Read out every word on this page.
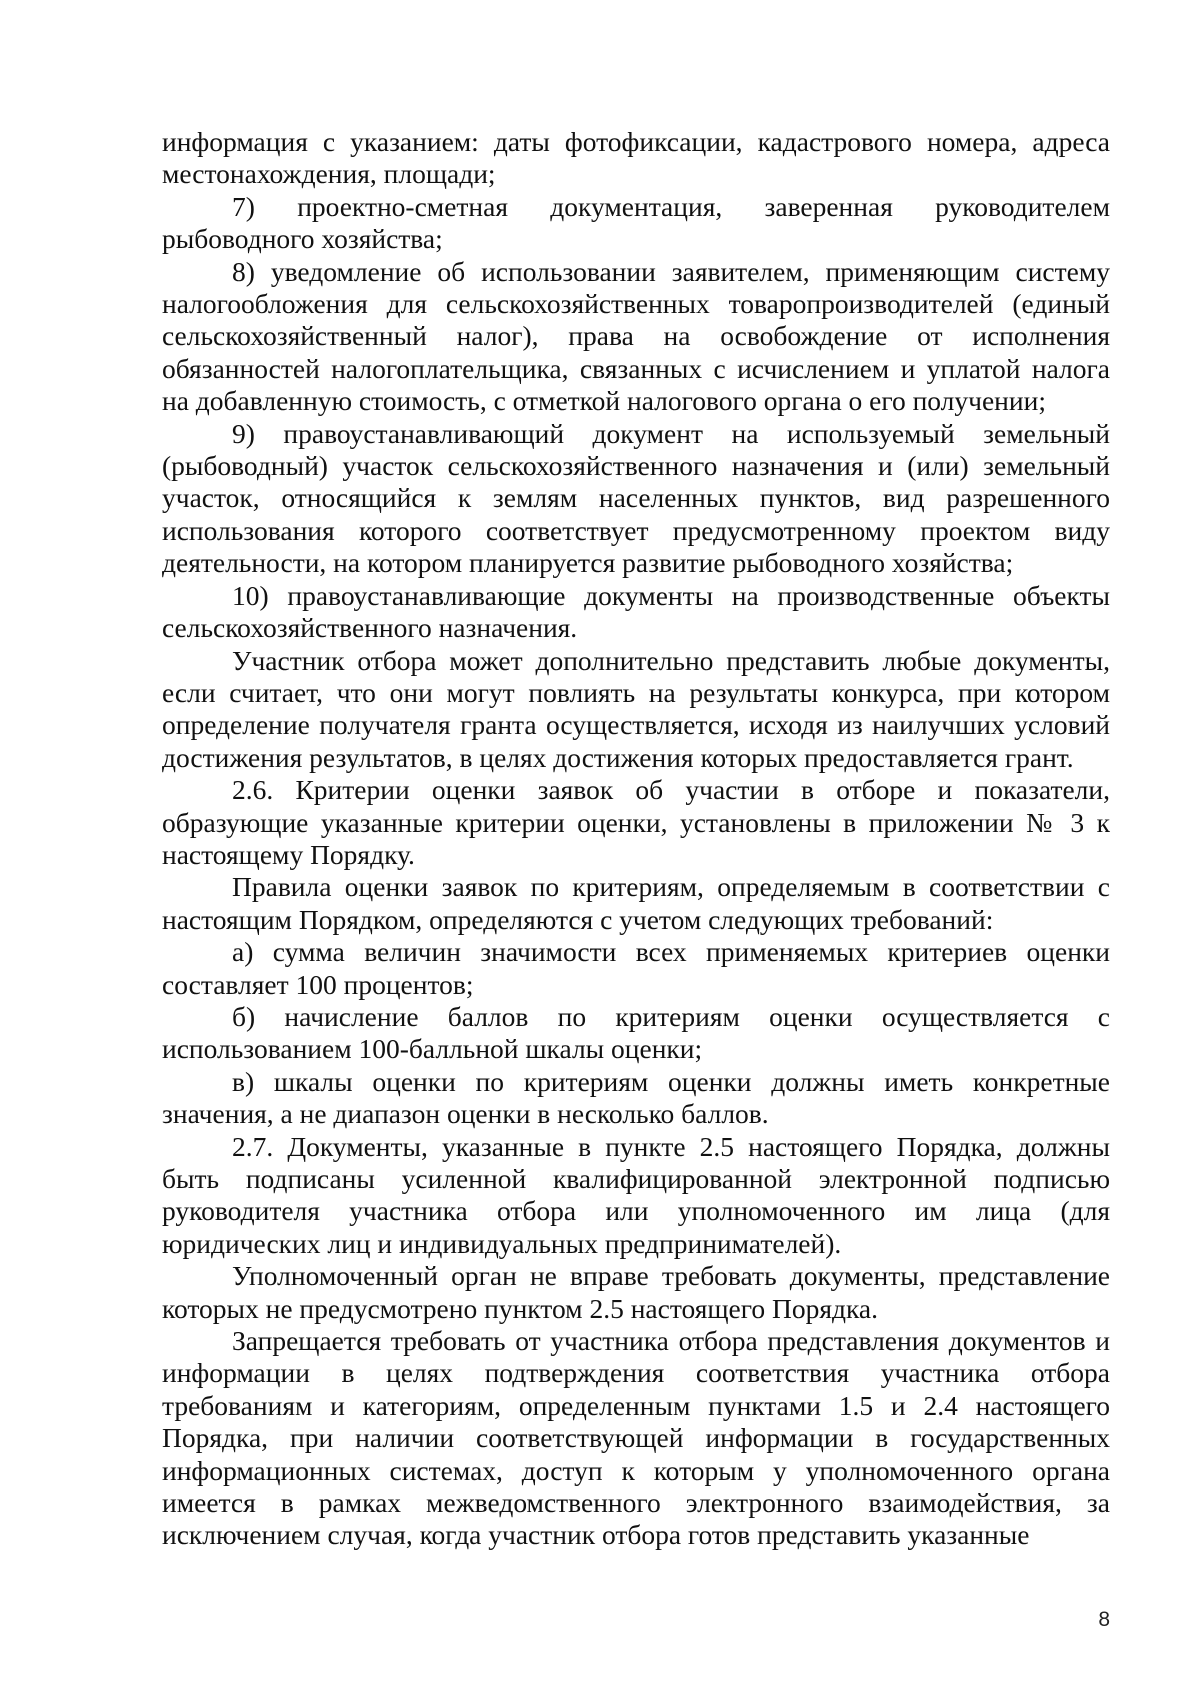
информация с указанием: даты фотофиксации, кадастрового номера, адреса местонахождения, площади;

7) проектно-сметная документация, заверенная руководителем рыбоводного хозяйства;

8) уведомление об использовании заявителем, применяющим систему налогообложения для сельскохозяйственных товаропроизводителей (единый сельскохозяйственный налог), права на освобождение от исполнения обязанностей налогоплательщика, связанных с исчислением и уплатой налога на добавленную стоимость, с отметкой налогового органа о его получении;

9) правоустанавливающий документ на используемый земельный (рыбоводный) участок сельскохозяйственного назначения и (или) земельный участок, относящийся к землям населенных пунктов, вид разрешенного использования которого соответствует предусмотренному проектом виду деятельности, на котором планируется развитие рыбоводного хозяйства;

10) правоустанавливающие документы на производственные объекты сельскохозяйственного назначения.

Участник отбора может дополнительно представить любые документы, если считает, что они могут повлиять на результаты конкурса, при котором определение получателя гранта осуществляется, исходя из наилучших условий достижения результатов, в целях достижения которых предоставляется грант.

2.6. Критерии оценки заявок об участии в отборе и показатели, образующие указанные критерии оценки, установлены в приложении № 3 к настоящему Порядку.

Правила оценки заявок по критериям, определяемым в соответствии с настоящим Порядком, определяются с учетом следующих требований:

а) сумма величин значимости всех применяемых критериев оценки составляет 100 процентов;

б) начисление баллов по критериям оценки осуществляется с использованием 100-балльной шкалы оценки;

в) шкалы оценки по критериям оценки должны иметь конкретные значения, а не диапазон оценки в несколько баллов.

2.7. Документы, указанные в пункте 2.5 настоящего Порядка, должны быть подписаны усиленной квалифицированной электронной подписью руководителя участника отбора или уполномоченного им лица (для юридических лиц и индивидуальных предпринимателей).

Уполномоченный орган не вправе требовать документы, представление которых не предусмотрено пунктом 2.5 настоящего Порядка.

Запрещается требовать от участника отбора представления документов и информации в целях подтверждения соответствия участника отбора требованиям и категориям, определенным пунктами 1.5 и 2.4 настоящего Порядка, при наличии соответствующей информации в государственных информационных системах, доступ к которым у уполномоченного органа имеется в рамках межведомственного электронного взаимодействия, за исключением случая, когда участник отбора готов представить указанные

8
